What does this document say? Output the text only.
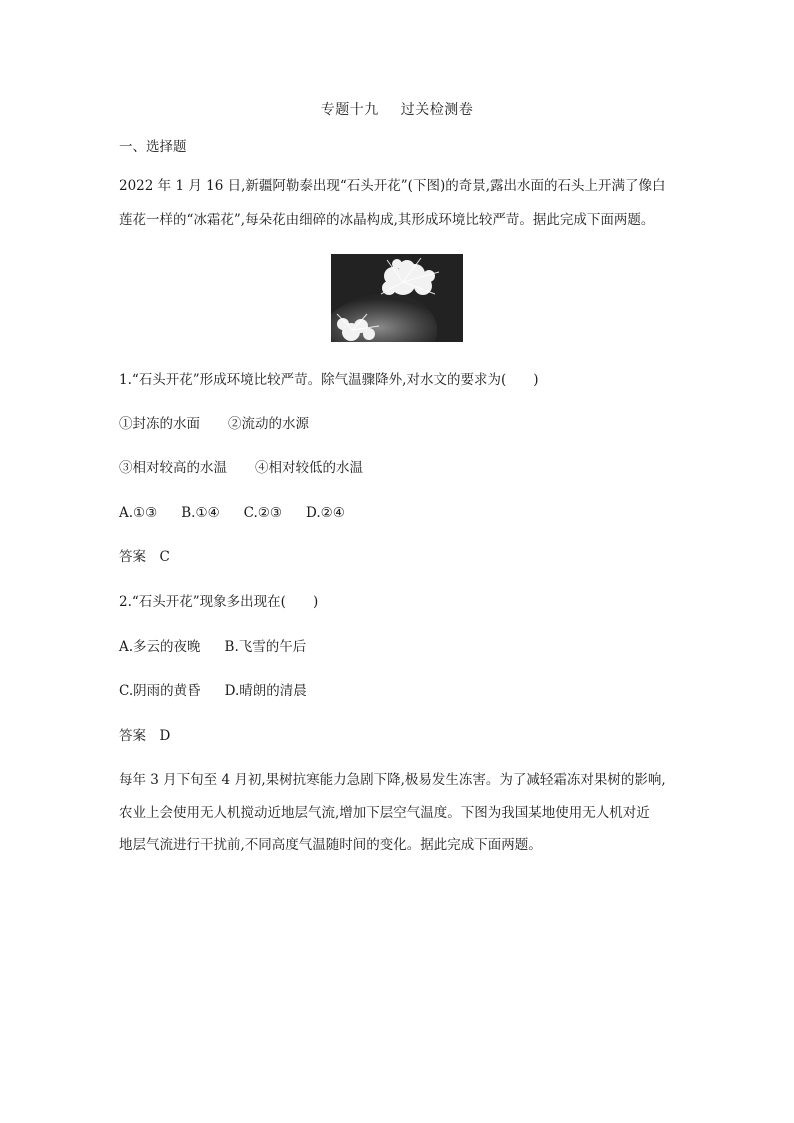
专题十九 过关检测卷
一、选择题
2022 年 1 月 16 日,新疆阿勒泰出现“石头开花”(下图)的奇景,露出水面的石头上开满了像白
莲花一样的“冰霜花”,每朵花由细碎的冰晶构成,其形成环境比较严苛。据此完成下面两题。
1.“石头开花”形成环境比较严苛。除气温骤降外,对水文的要求为(　　)
①封冻的水面 ②流动的水源
③相对较高的水温 ④相对较低的水温
A.①③ B.①④ C.②③ D.②④
答案　C
2.“石头开花”现象多出现在(　　)
A.多云的夜晚 B.飞雪的午后
C.阴雨的黄昏 D.晴朗的清晨
答案　D
每年 3 月下旬至 4 月初,果树抗寒能力急剧下降,极易发生冻害。为了减轻霜冻对果树的影响,
农业上会使用无人机搅动近地层气流,增加下层空气温度。下图为我国某地使用无人机对近
地层气流进行干扰前,不同高度气温随时间的变化。据此完成下面两题。
